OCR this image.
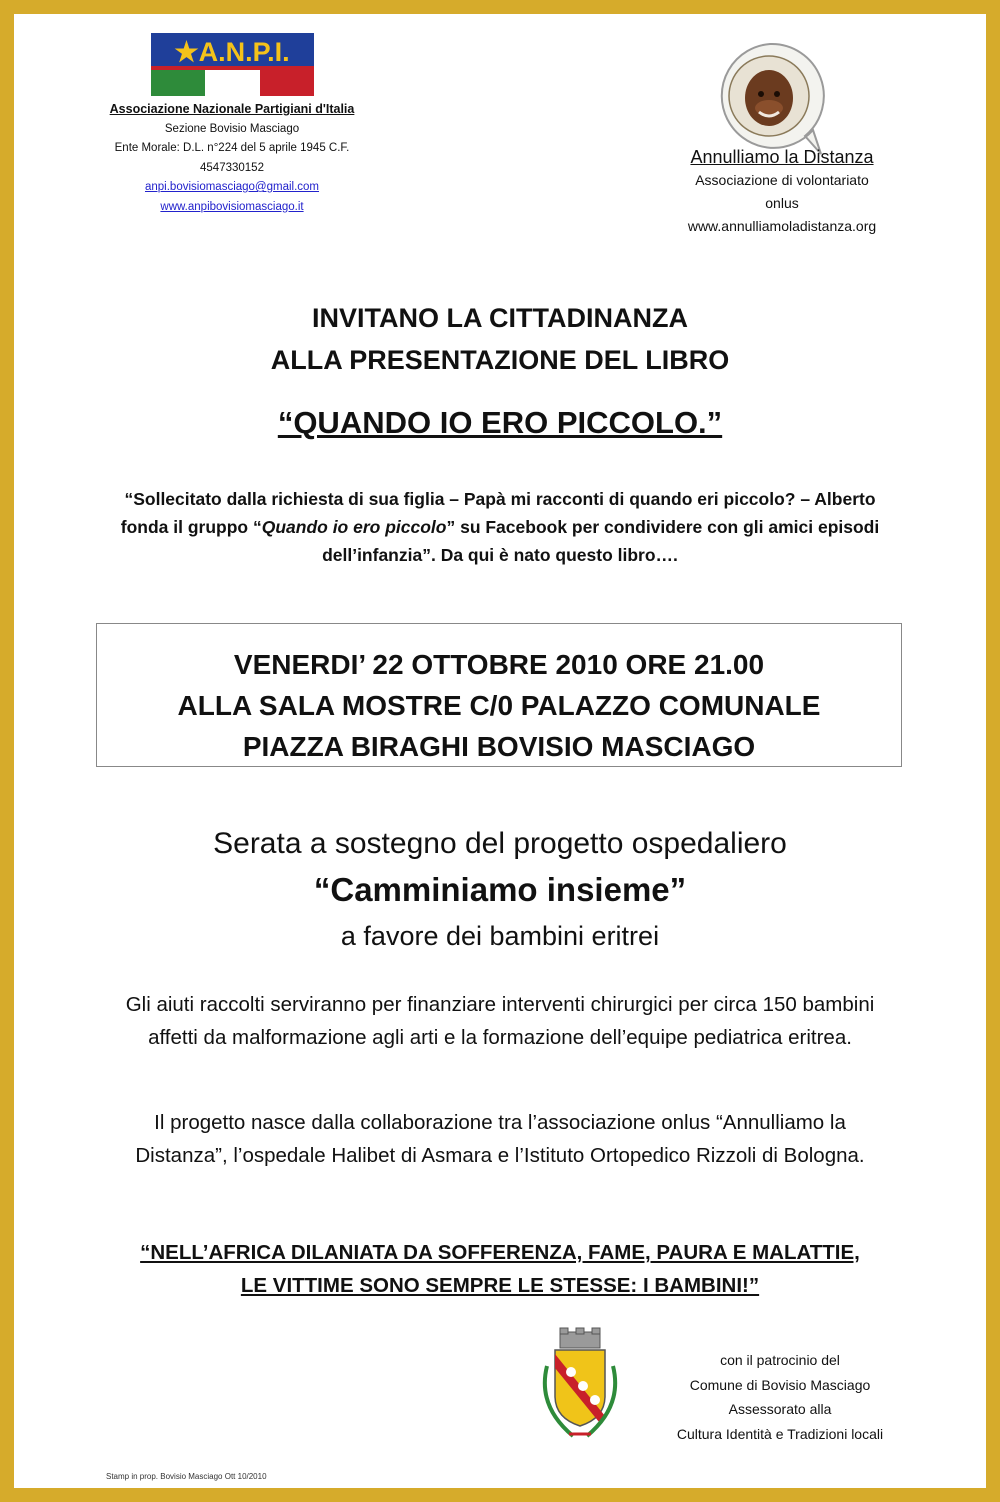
★A.N.P.I.
Associazione Nazionale Partigiani d'Italia
Sezione Bovisio Masciago
Ente Morale: D.L. n°224 del 5 aprile 1945 C.F. 4547330152
anpi.bovisiomasciago@gmail.com
www.anpibovisiomasciago.it
Annulliamo la Distanza
Associazione di volontariato
onlus
www.annulliamoladistanza.org
INVITANO LA CITTADINANZA
ALLA PRESENTAZIONE DEL LIBRO
“QUANDO IO ERO PICCOLO.”
“Sollecitato dalla richiesta di sua figlia – Papà mi racconti di quando eri piccolo? – Alberto fonda il gruppo “Quando io ero piccolo” su Facebook per condividere con gli amici episodi dell’infanzia”. Da qui è nato questo libro….
VENERDI’ 22 OTTOBRE 2010 ORE 21.00
ALLA SALA MOSTRE C/0 PALAZZO COMUNALE
PIAZZA BIRAGHI BOVISIO MASCIAGO
Serata a sostegno del progetto ospedaliero
“Camminiamo insieme”
a favore dei bambini eritrei
Gli aiuti raccolti serviranno per finanziare interventi chirurgici per circa 150 bambini affetti da malformazione agli arti e la formazione dell’equipe pediatrica eritrea.
Il progetto nasce dalla collaborazione tra l’associazione onlus “Annulliamo la Distanza”, l’ospedale Halibet di Asmara e l’Istituto Ortopedico Rizzoli di Bologna.
“NELL’AFRICA DILANIATA DA SOFFERENZA, FAME, PAURA E MALATTIE,
LE VITTIME SONO SEMPRE LE STESSE: I BAMBINI!”
con il patrocinio del
Comune di Bovisio Masciago
Assessorato alla
Cultura Identità e Tradizioni locali
Stamp in prop. Bovisio Masciago Ott 10/2010
